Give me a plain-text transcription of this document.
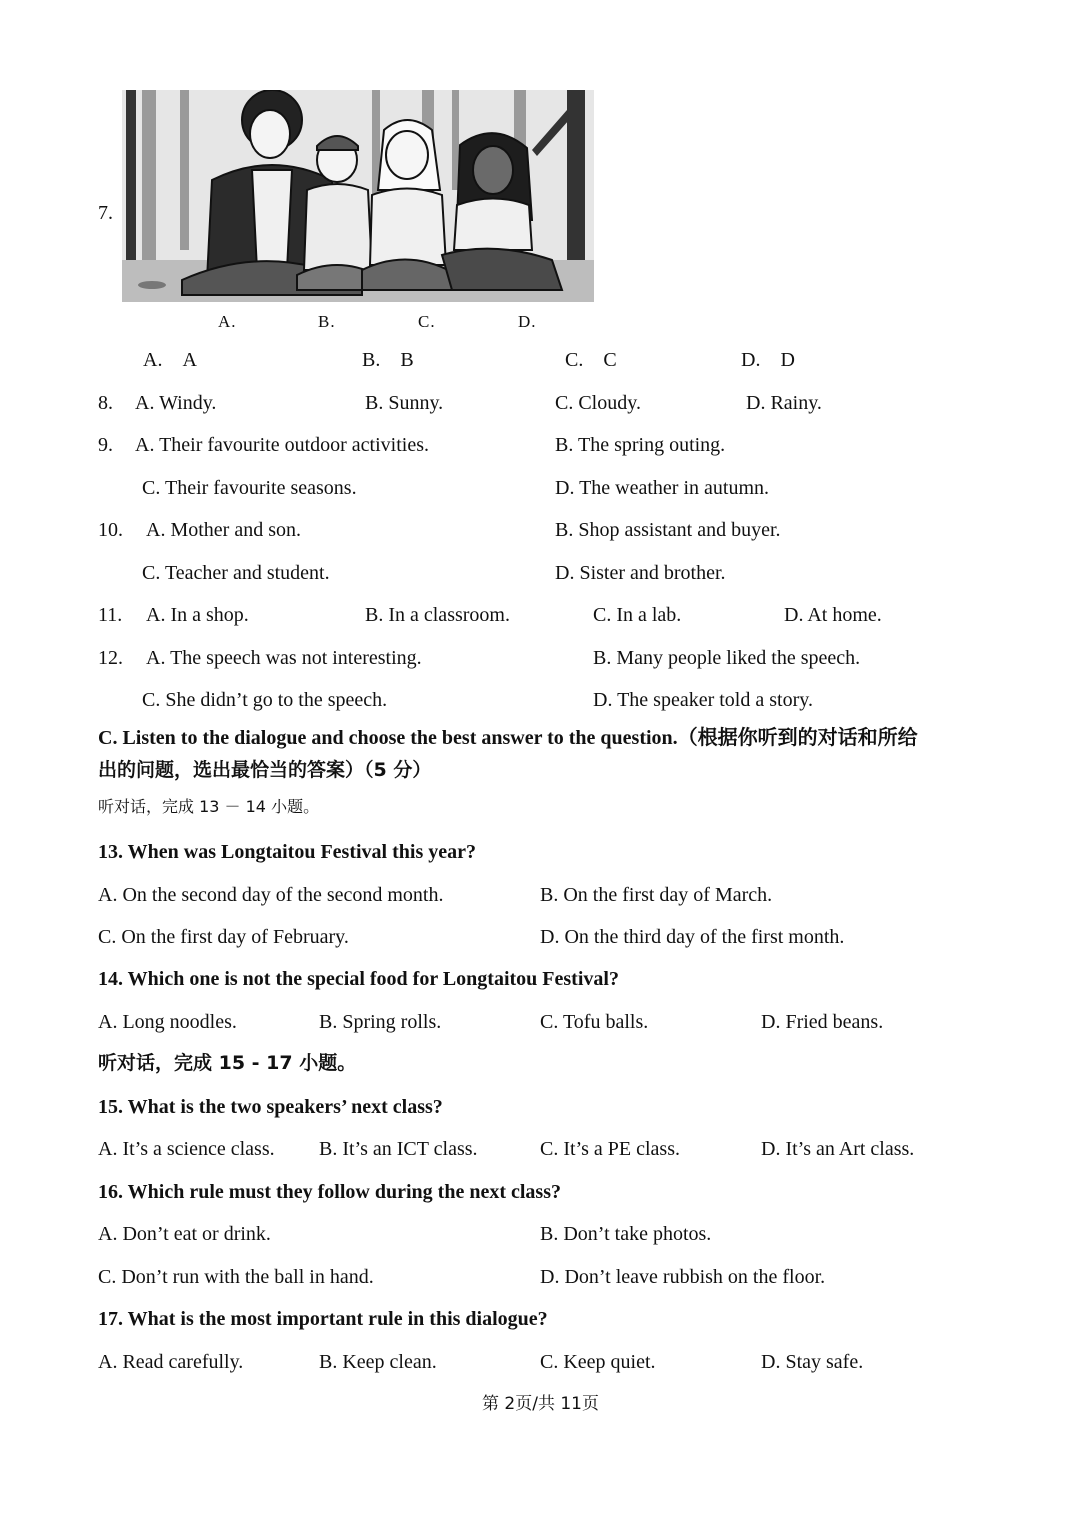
7.
A.	B.	C.	D.
A. A	B. B	C. C	D. D
8. A. Windy.	B. Sunny.	C. Cloudy.	D. Rainy.
9. A. Their favourite outdoor activities.	B. The spring outing.
C. Their favourite seasons.	D. The weather in autumn.
10. A. Mother and son.	B. Shop assistant and buyer.
C. Teacher and student.	D. Sister and brother.
11. A. In a shop.	B. In a classroom.	C. In a lab.	D. At home.
12. A. The speech was not interesting.	B. Many people liked the speech.
C. She didn’t go to the speech.	D. The speaker told a story.
C. Listen to the dialogue and choose the best answer to the question.（根据你听到的对话和所给
出的问题，选出最恰当的答案）（5 分）
听对话，完成 13 － 14 小题。
13. When was Longtaitou Festival this year?
A. On the second day of the second month.	B. On the first day of March.
C. On the first day of February.	D. On the third day of the first month.
14. Which one is not the special food for Longtaitou Festival?
A. Long noodles.	B. Spring rolls.	C. Tofu balls.	D. Fried beans.
听对话，完成 15 - 17 小题。
15. What is the two speakers’ next class?
A. It’s a science class. B. It’s an ICT class.	C. It’s a PE class.	D. It’s an Art class.
16. Which rule must they follow during the next class?
A. Don’t eat or drink.	B. Don’t take photos.
C. Don’t run with the ball in hand.	D. Don’t leave rubbish on the floor.
17. What is the most important rule in this dialogue?
A. Read carefully.	B. Keep clean.	C. Keep quiet.	D. Stay safe.
第 2页/共 11页
